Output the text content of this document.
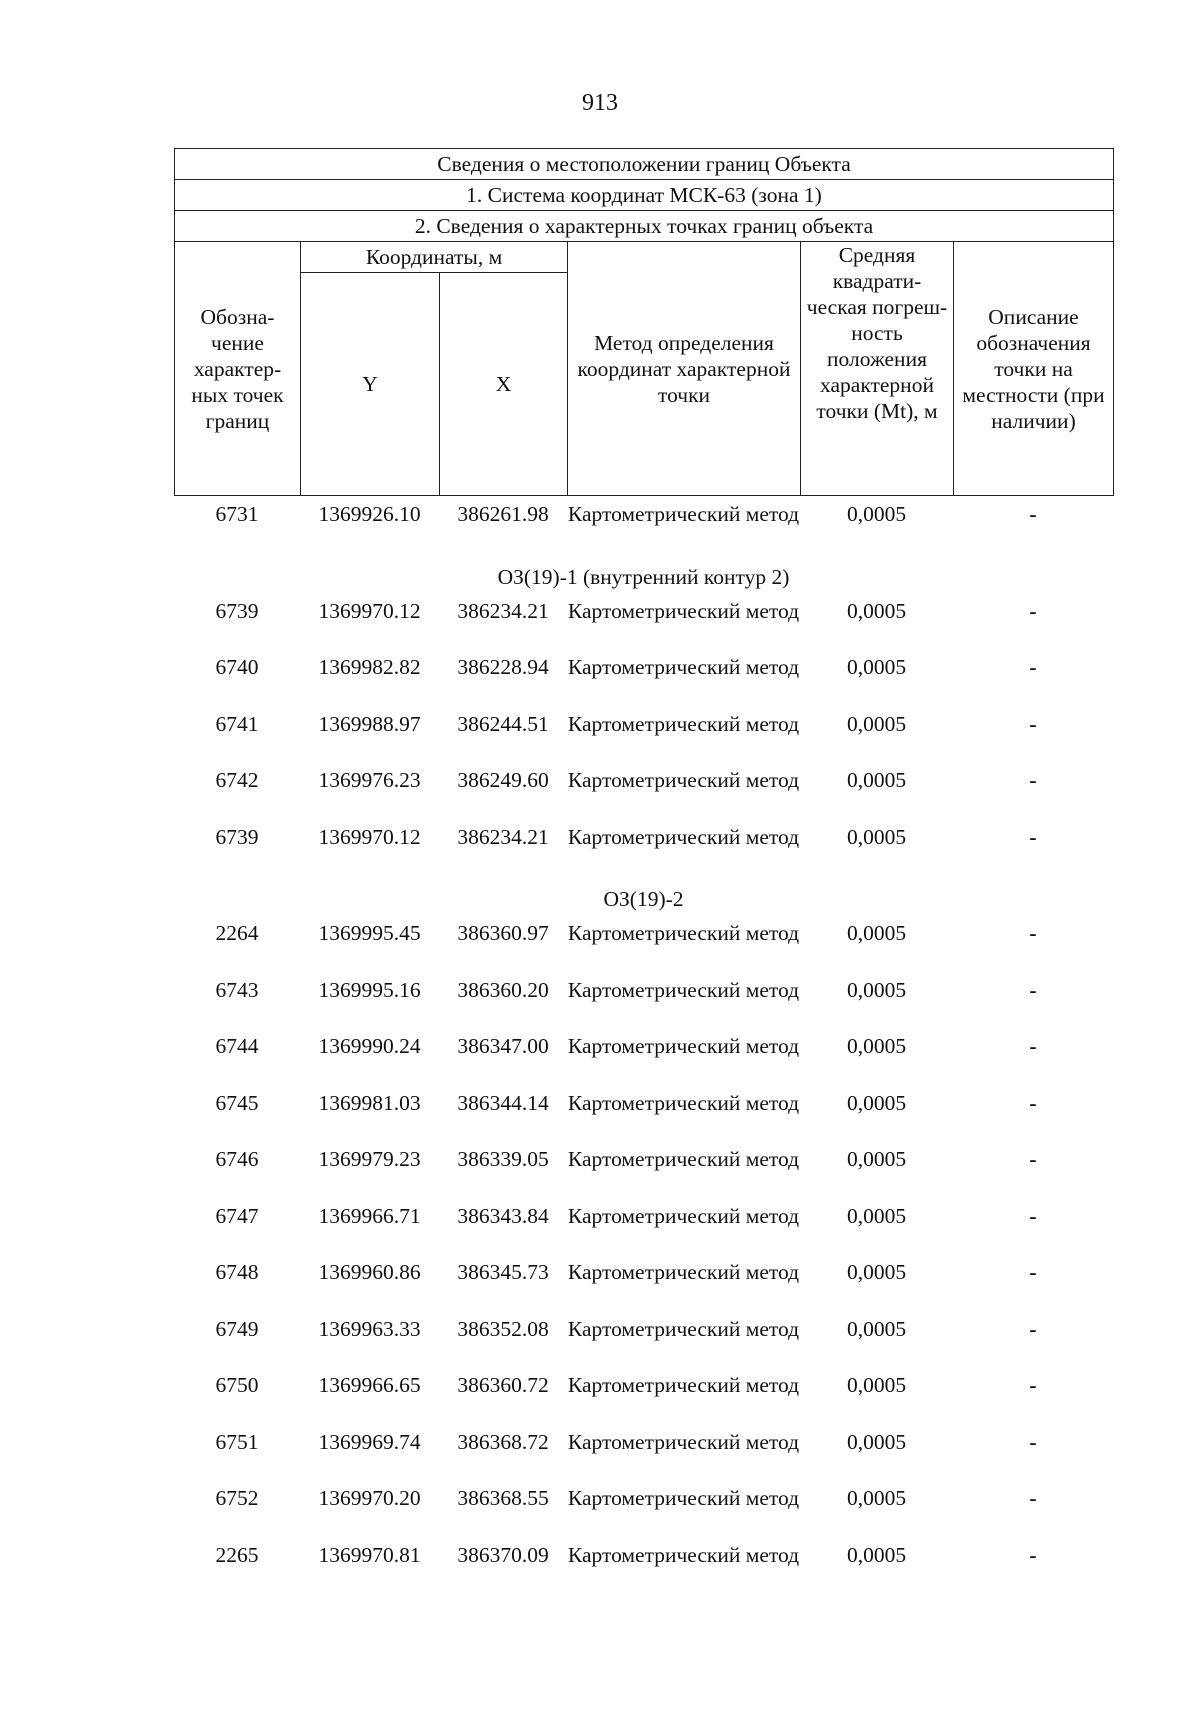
913
Сведения о местоположении границ Объекта					
1. Система координат МСК-63 (зона 1)					
2. Сведения о характерных точках границ объекта					
Обозна- чение характер- ных точек границ	Координаты, м		Метод определения координат характерной точки	Средняя квадрати- ческая погреш- ность положения характерной точки (Mt), м	Описание обозначения точки на местности (при наличии)
	Y	X			
6731	1369926.10	386261.98	Картометрический метод	0,0005	-
ОЗ(19)-1 (внутренний контур 2)					
6739	1369970.12	386234.21	Картометрический метод	0,0005	-
6740	1369982.82	386228.94	Картометрический метод	0,0005	-
6741	1369988.97	386244.51	Картометрический метод	0,0005	-
6742	1369976.23	386249.60	Картометрический метод	0,0005	-
6739	1369970.12	386234.21	Картометрический метод	0,0005	-
ОЗ(19)-2					
2264	1369995.45	386360.97	Картометрический метод	0,0005	-
6743	1369995.16	386360.20	Картометрический метод	0,0005	-
6744	1369990.24	386347.00	Картометрический метод	0,0005	-
6745	1369981.03	386344.14	Картометрический метод	0,0005	-
6746	1369979.23	386339.05	Картометрический метод	0,0005	-
6747	1369966.71	386343.84	Картометрический метод	0,0005	-
6748	1369960.86	386345.73	Картометрический метод	0,0005	-
6749	1369963.33	386352.08	Картометрический метод	0,0005	-
6750	1369966.65	386360.72	Картометрический метод	0,0005	-
6751	1369969.74	386368.72	Картометрический метод	0,0005	-
6752	1369970.20	386368.55	Картометрический метод	0,0005	-
2265	1369970.81	386370.09	Картометрический метод	0,0005	-
